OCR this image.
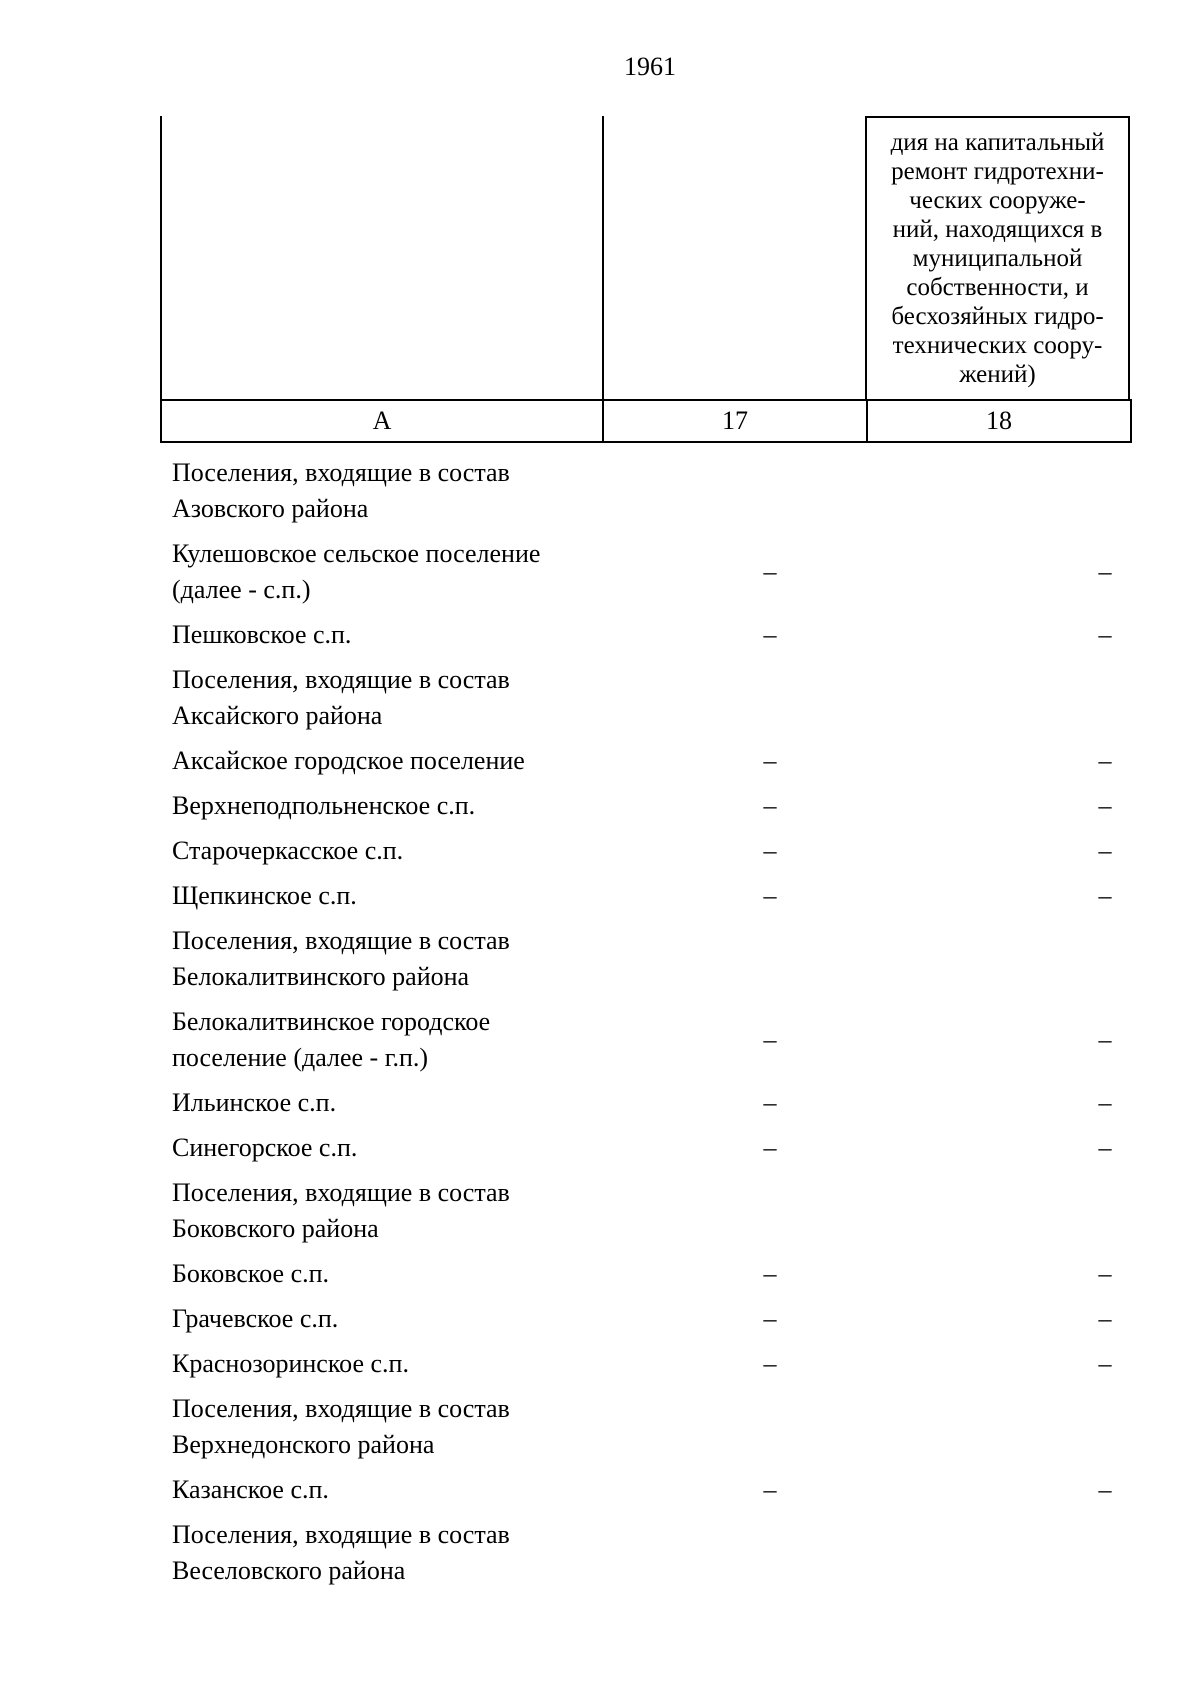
1961
дия на капитальный
ремонт гидротехни-
ческих сооруже-
ний, находящихся в
муниципальной
собственности, и
бесхозяйных гидро-
технических соору-
жений)
А	17	18
Поселения, входящие в состав
Азовского района
Кулешовское сельское поселение
(далее - с.п.)
–	–
Пешковское с.п.	–	–
Поселения, входящие в состав
Аксайского района
Аксайское городское поселение	–	–
Верхнеподпольненское с.п.	–	–
Старочеркасское с.п.	–	–
Щепкинское с.п.	–	–
Поселения, входящие в состав
Белокалитвинского района
Белокалитвинское городское
поселение (далее - г.п.)
–	–
Ильинское с.п.	–	–
Синегорское с.п.	–	–
Поселения, входящие в состав
Боковского района
Боковское с.п.	–	–
Грачевское с.п.	–	–
Краснозоринское с.п.	–	–
Поселения, входящие в состав
Верхнедонского района
Казанское с.п.	–	–
Поселения, входящие в состав
Веселовского района
